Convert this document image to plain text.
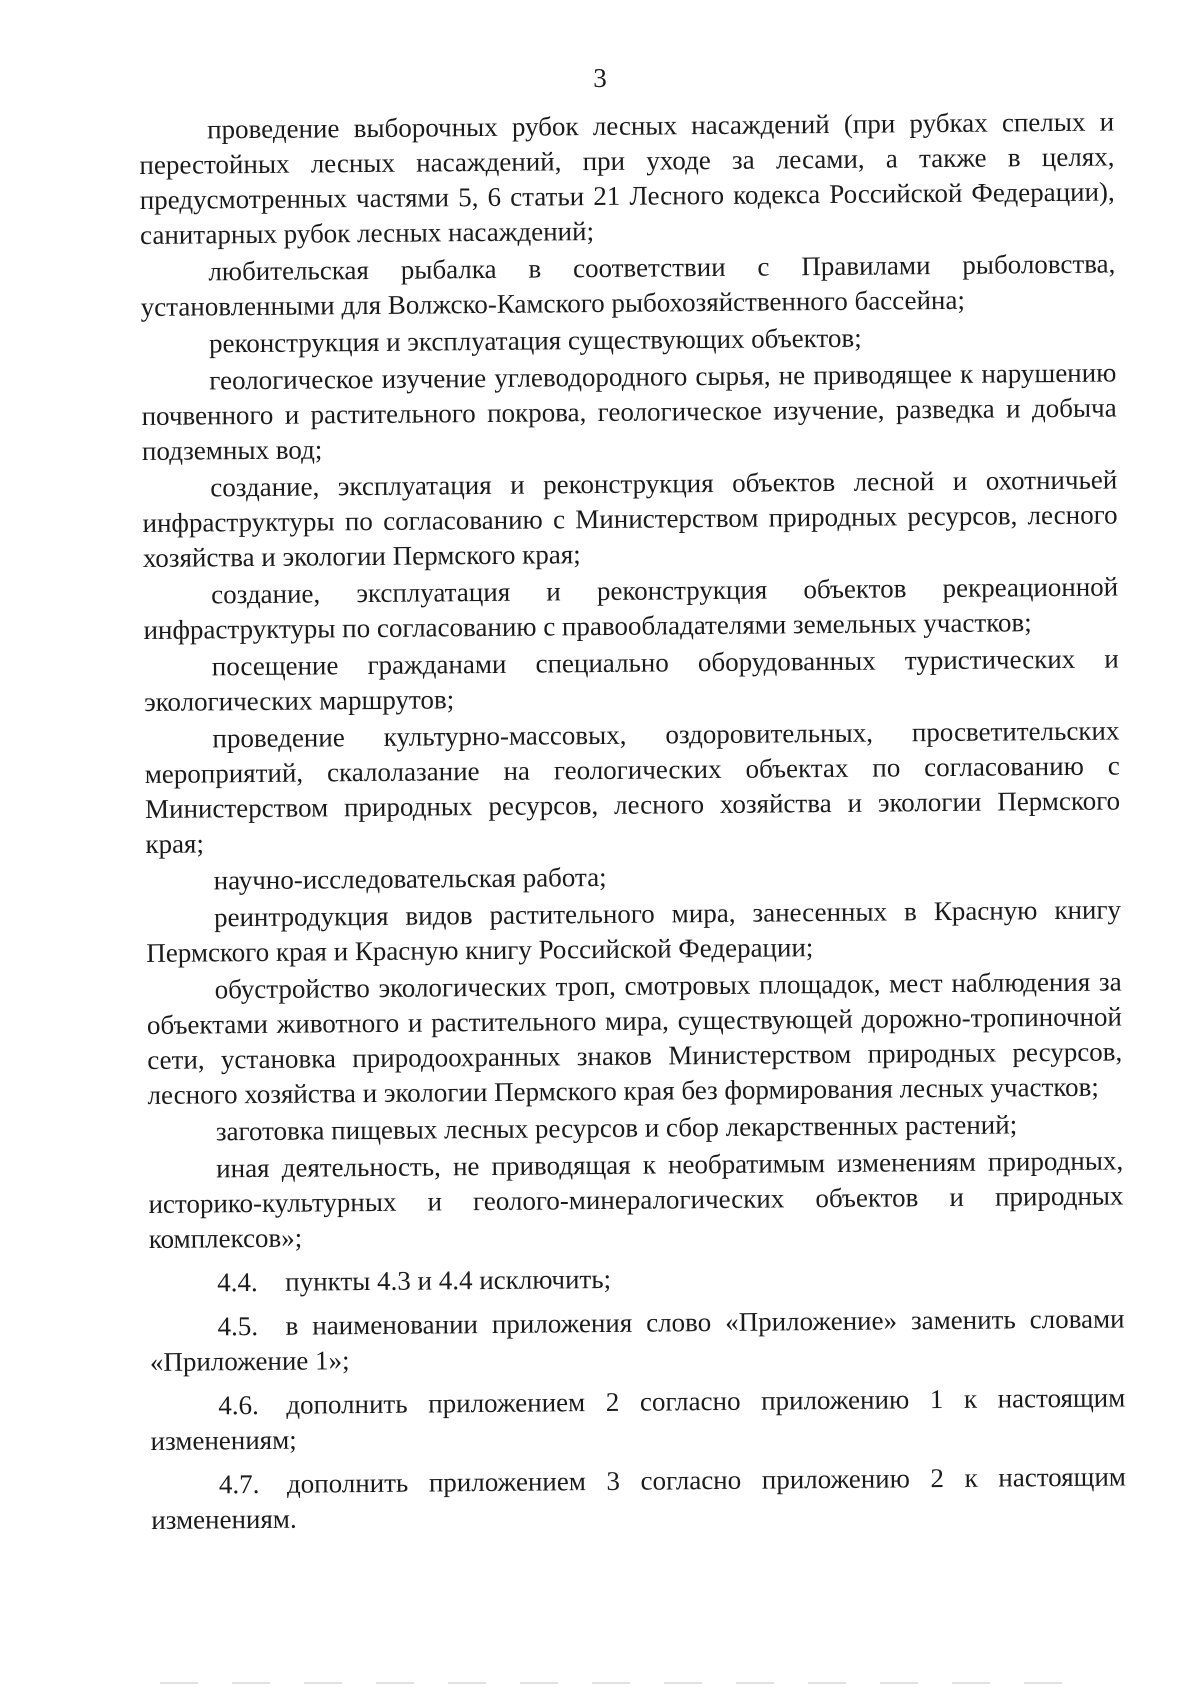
3

проведение выборочных рубок лесных насаждений (при рубках спелых и перестойных лесных насаждений, при уходе за лесами, а также в целях, предусмотренных частями 5, 6 статьи 21 Лесного кодекса Российской Федерации), санитарных рубок лесных насаждений;

любительская рыбалка в соответствии с Правилами рыболовства, установленными для Волжско-Камского рыбохозяйственного бассейна;

реконструкция и эксплуатация существующих объектов;

геологическое изучение углеводородного сырья, не приводящее к нарушению почвенного и растительного покрова, геологическое изучение, разведка и добыча подземных вод;

создание, эксплуатация и реконструкция объектов лесной и охотничьей инфраструктуры по согласованию с Министерством природных ресурсов, лесного хозяйства и экологии Пермского края;

создание, эксплуатация и реконструкция объектов рекреационной инфраструктуры по согласованию с правообладателями земельных участков;

посещение гражданами специально оборудованных туристических и экологических маршрутов;

проведение культурно-массовых, оздоровительных, просветительских мероприятий, скалолазание на геологических объектах по согласованию с Министерством природных ресурсов, лесного хозяйства и экологии Пермского края;

научно-исследовательская работа;

реинтродукция видов растительного мира, занесенных в Красную книгу Пермского края и Красную книгу Российской Федерации;

обустройство экологических троп, смотровых площадок, мест наблюдения за объектами животного и растительного мира, существующей дорожно-тропиночной сети, установка природоохранных знаков Министерством природных ресурсов, лесного хозяйства и экологии Пермского края без формирования лесных участков;

заготовка пищевых лесных ресурсов и сбор лекарственных растений;

иная деятельность, не приводящая к необратимым изменениям природных, историко-культурных и геолого-минералогических объектов и природных комплексов»;

4.4. пункты 4.3 и 4.4 исключить;

4.5. в наименовании приложения слово «Приложение» заменить словами «Приложение 1»;

4.6. дополнить приложением 2 согласно приложению 1 к настоящим изменениям;

4.7. дополнить приложением 3 согласно приложению 2 к настоящим изменениям.
